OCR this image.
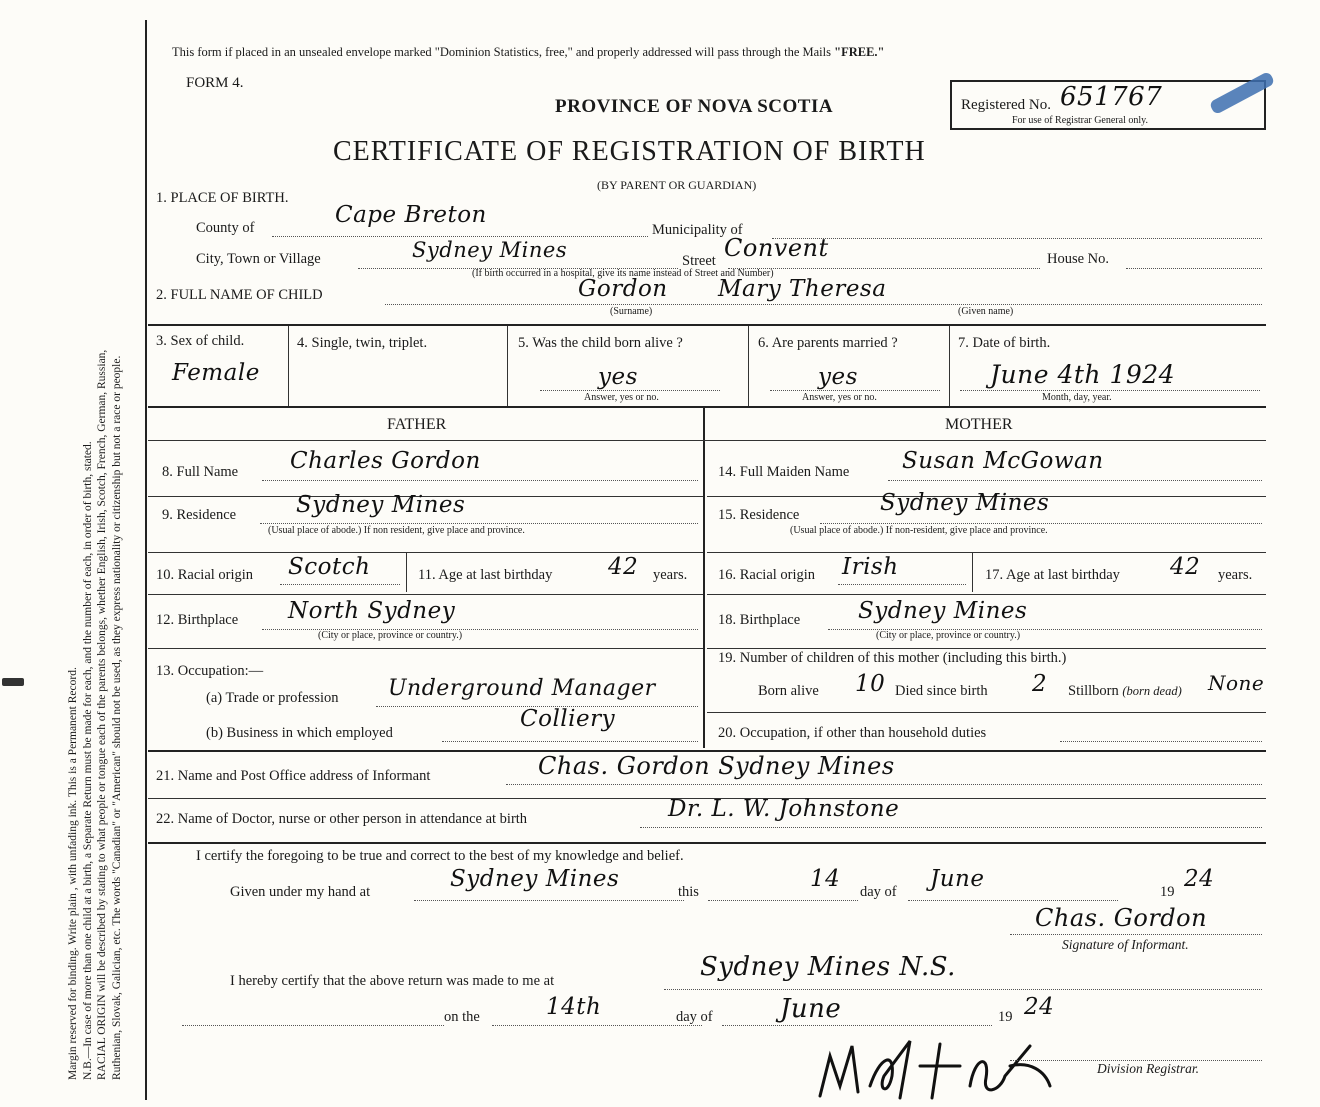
Margin reserved for binding. Write plain , with unfading ink. This is a Permanent Record. N.B.—In case of more than one child at a birth, a Separate Return must be made for each, and the number of each, in order of birth, stated. RACIAL ORIGIN will be described by stating to what people or tongue each of the parents belongs, whether English, Irish, Scotch, French, German, Russian, Ruthenian, Slovak, Galician, etc. The words "Canadian" or "American" should not be used, as they express nationality or citizenship but not a race or people.
This form if placed in an unsealed envelope marked "Dominion Statistics, free," and properly addressed will pass through the Mails "FREE."
FORM 4.
PROVINCE OF NOVA SCOTIA
CERTIFICATE OF REGISTRATION OF BIRTH
(BY PARENT OR GUARDIAN)
Registered No. 651767
For use of Registrar General only.
1. PLACE OF BIRTH.
County of	Cape Breton
Municipality of
City, Town or Village	Sydney Mines	Street Convent	House No.
(If birth occurred in a hospital, give its name instead of Street and Number)
2. FULL NAME OF CHILD	Gordon Mary Theresa
(Surname)	(Given name)
3. Sex of child.
Female
4. Single, twin, triplet.	5. Was the child born alive ?
yes
Answer, yes or no.
6. Are parents married ?
yes
Answer, yes or no.
7. Date of birth.
June 4th 1924
Month, day, year.
FATHER	MOTHER
8. Full Name Charles Gordon
9. Residence	Sydney Mines
(Usual place of abode.) If non resident, give place and province.
10. Racial origin Scotch	11. Age at last birthday 42 years.
12. Birthplace North Sydney
(City or place, province or country.)
13. Occupation:—
(a) Trade or profession Underground Manager
(b) Business in which employed
Colliery
14. Full Maiden Name Susan McGowan
15. Residence	Sydney Mines
(Usual place of abode.) If non-resident, give place and province.
16. Racial origin Irish	17. Age at last birthday 42 years.
18. Birthplace	Sydney Mines
(City or place, province or country.)
19. Number of children of this mother (including this birth.)
Born alive 10 Died since birth 2 Stillborn (born dead) None
20. Occupation, if other than household duties
21. Name and Post Office address of Informant	Chas. Gordon Sydney Mines
22. Name of Doctor, nurse or other person in attendance at birth	Dr. L. W. Johnstone
I certify the foregoing to be true and correct to the best of my knowledge and belief.
Given under my hand at	Sydney Mines	this	14 day of June	19 24
Chas. Gordon
Signature of Informant.
I hereby certify that the above return was made to me at	Sydney Mines N.S.
on the	14th	day of	June	19 24
Division Registrar.
